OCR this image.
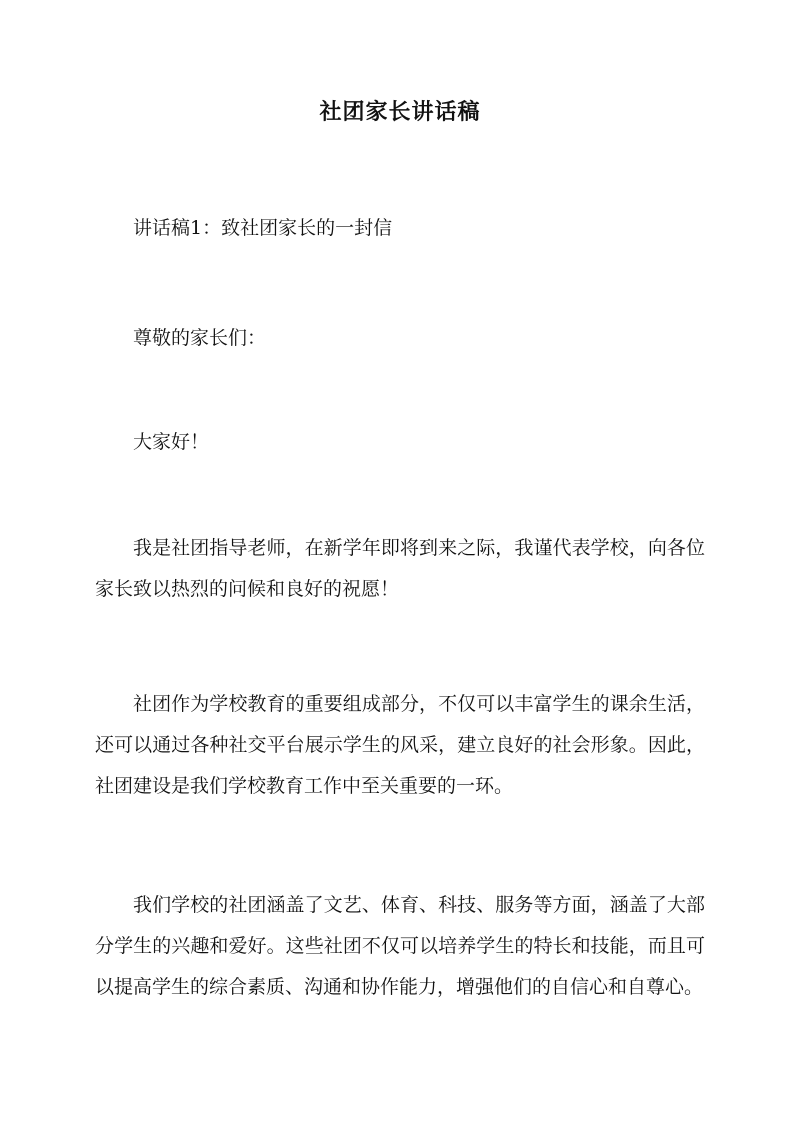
社团家长讲话稿

讲话稿1：致社团家长的一封信

尊敬的家长们：

大家好！

我是社团指导老师，在新学年即将到来之际，我谨代表学校，向各位家长致以热烈的问候和良好的祝愿！

社团作为学校教育的重要组成部分，不仅可以丰富学生的课余生活，还可以通过各种社交平台展示学生的风采，建立良好的社会形象。因此，社团建设是我们学校教育工作中至关重要的一环。

我们学校的社团涵盖了文艺、体育、科技、服务等方面，涵盖了大部分学生的兴趣和爱好。这些社团不仅可以培养学生的特长和技能，而且可以提高学生的综合素质、沟通和协作能力，增强他们的自信心和自尊心。
